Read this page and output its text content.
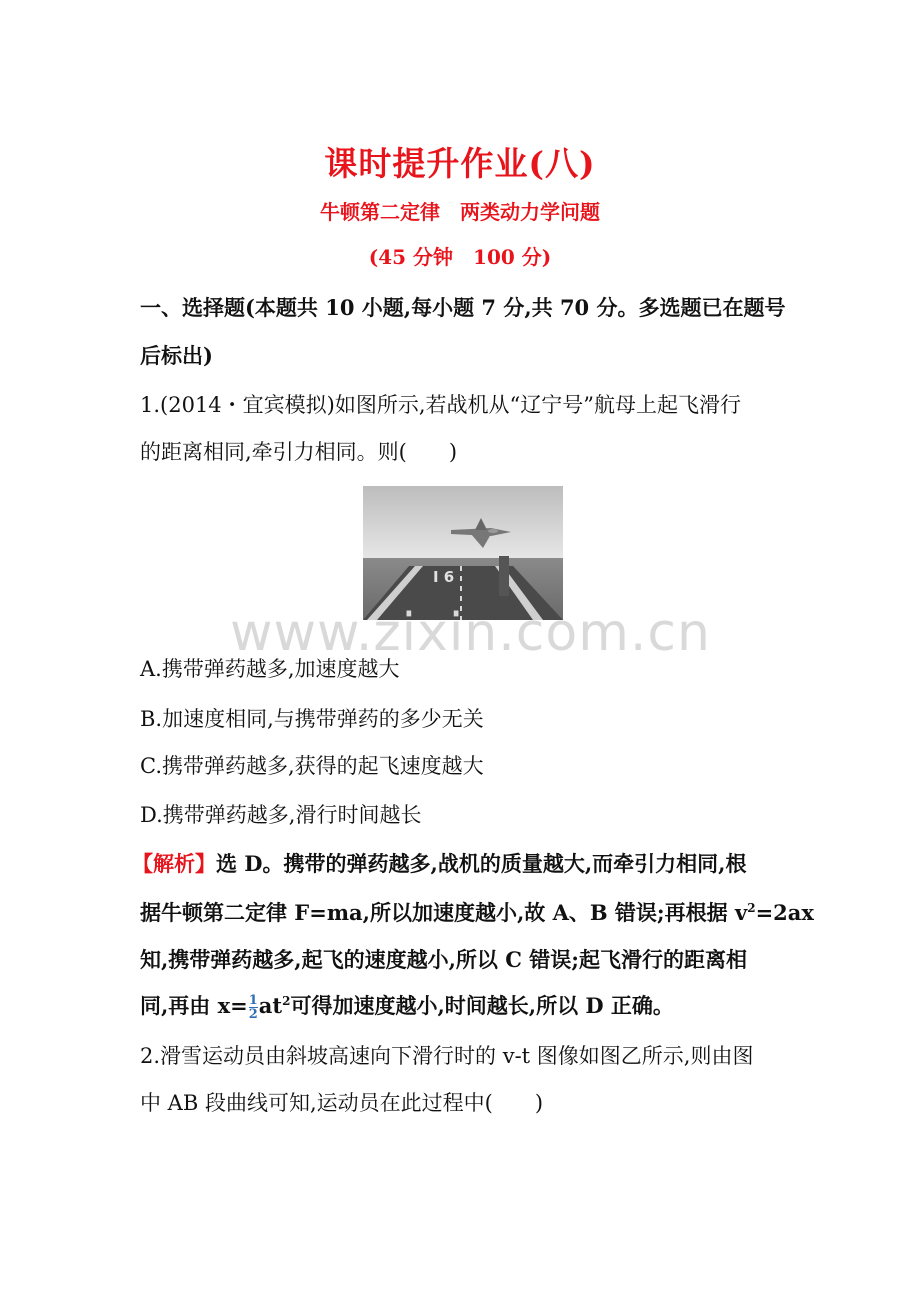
课时提升作业(八)
牛顿第二定律　两类动力学问题
(45 分钟　100 分)
一、选择题(本题共 10 小题,每小题 7 分,共 70 分。多选题已在题号
后标出)
1.(2014・宜宾模拟)如图所示,若战机从“辽宁号”航母上起飞滑行
的距离相同,牵引力相同。则(　　)
I 6
www.zixin.com.cn
A.携带弹药越多,加速度越大
B.加速度相同,与携带弹药的多少无关
C.携带弹药越多,获得的起飞速度越大
D.携带弹药越多,滑行时间越长
【解析】选 D。携带的弹药越多,战机的质量越大,而牵引力相同,根
据牛顿第二定律 F=ma,所以加速度越小,故 A、B 错误;再根据 $v^2=2ax$
知,携带弹药越多,起飞的速度越小,所以 C 错误;起飞滑行的距离相
同,再由 $x= \frac{1}{2} at^2$可得加速度越小,时间越长,所以 D 正确。
2.滑雪运动员由斜坡高速向下滑行时的 v-t 图像如图乙所示,则由图
中 AB 段曲线可知,运动员在此过程中(　　)
